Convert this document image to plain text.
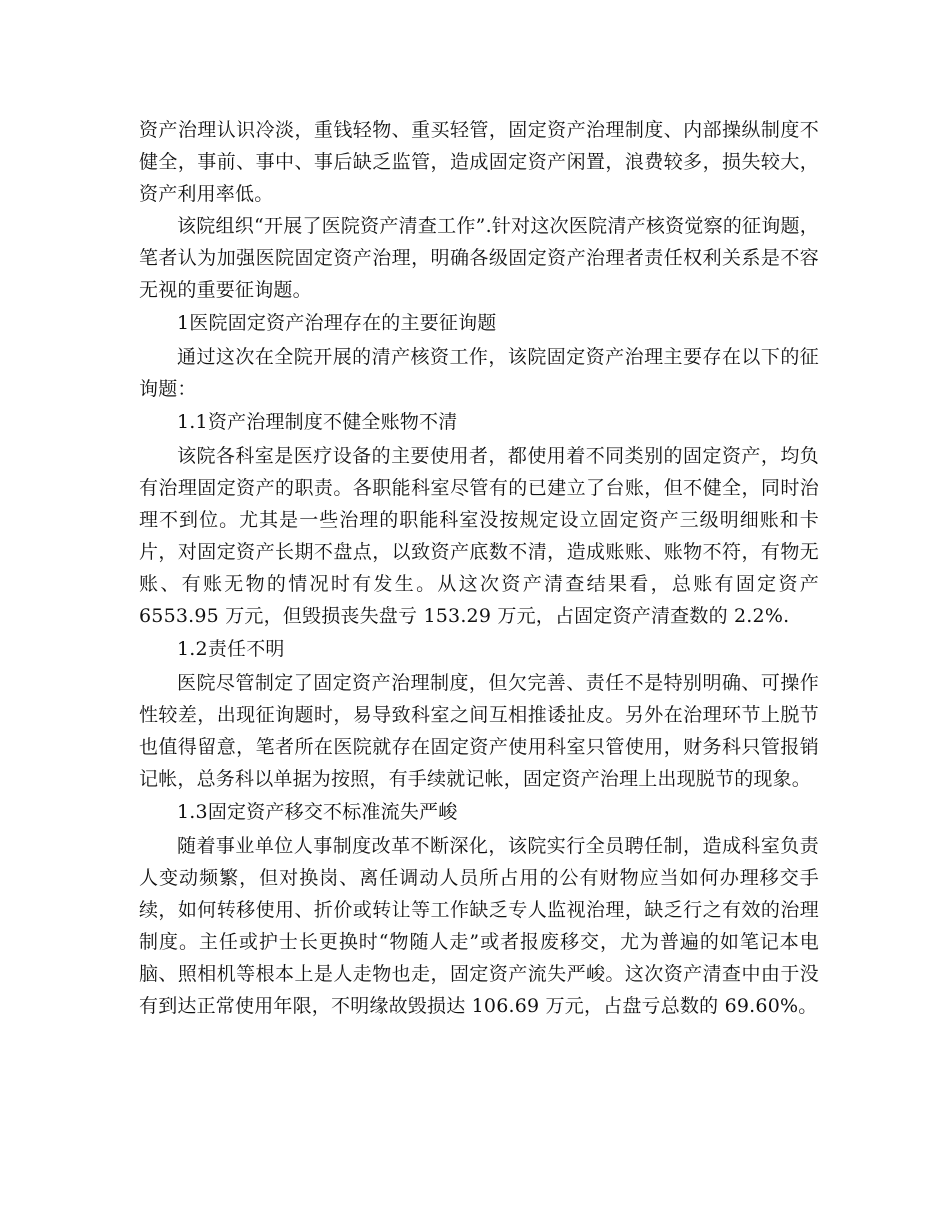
资产治理认识冷淡，重钱轻物、重买轻管，固定资产治理制度、内部操纵制度不健全，事前、事中、事后缺乏监管，造成固定资产闲置，浪费较多，损失较大，资产利用率低。

该院组织“开展了医院资产清查工作”.针对这次医院清产核资觉察的征询题，笔者认为加强医院固定资产治理，明确各级固定资产治理者责任权利关系是不容无视的重要征询题。

1医院固定资产治理存在的主要征询题

通过这次在全院开展的清产核资工作，该院固定资产治理主要存在以下的征询题：

1.1资产治理制度不健全账物不清

该院各科室是医疗设备的主要使用者，都使用着不同类别的固定资产，均负有治理固定资产的职责。各职能科室尽管有的已建立了台账，但不健全，同时治理不到位。尤其是一些治理的职能科室没按规定设立固定资产三级明细账和卡片，对固定资产长期不盘点，以致资产底数不清，造成账账、账物不符，有物无账、有账无物的情况时有发生。从这次资产清查结果看，总账有固定资产 6553.95 万元，但毁损丧失盘亏 153.29 万元，占固定资产清查数的 2.2%.

1.2责任不明

医院尽管制定了固定资产治理制度，但欠完善、责任不是特别明确、可操作性较差，出现征询题时，易导致科室之间互相推诿扯皮。另外在治理环节上脱节也值得留意，笔者所在医院就存在固定资产使用科室只管使用，财务科只管报销记帐，总务科以单据为按照，有手续就记帐，固定资产治理上出现脱节的现象。

1.3固定资产移交不标准流失严峻

随着事业单位人事制度改革不断深化，该院实行全员聘任制，造成科室负责人变动频繁，但对换岗、离任调动人员所占用的公有财物应当如何办理移交手续，如何转移使用、折价或转让等工作缺乏专人监视治理，缺乏行之有效的治理制度。主任或护士长更换时“物随人走”或者报废移交，尤为普遍的如笔记本电脑、照相机等根本上是人走物也走，固定资产流失严峻。这次资产清查中由于没有到达正常使用年限，不明缘故毁损达 106.69 万元，占盘亏总数的 69.60%。
